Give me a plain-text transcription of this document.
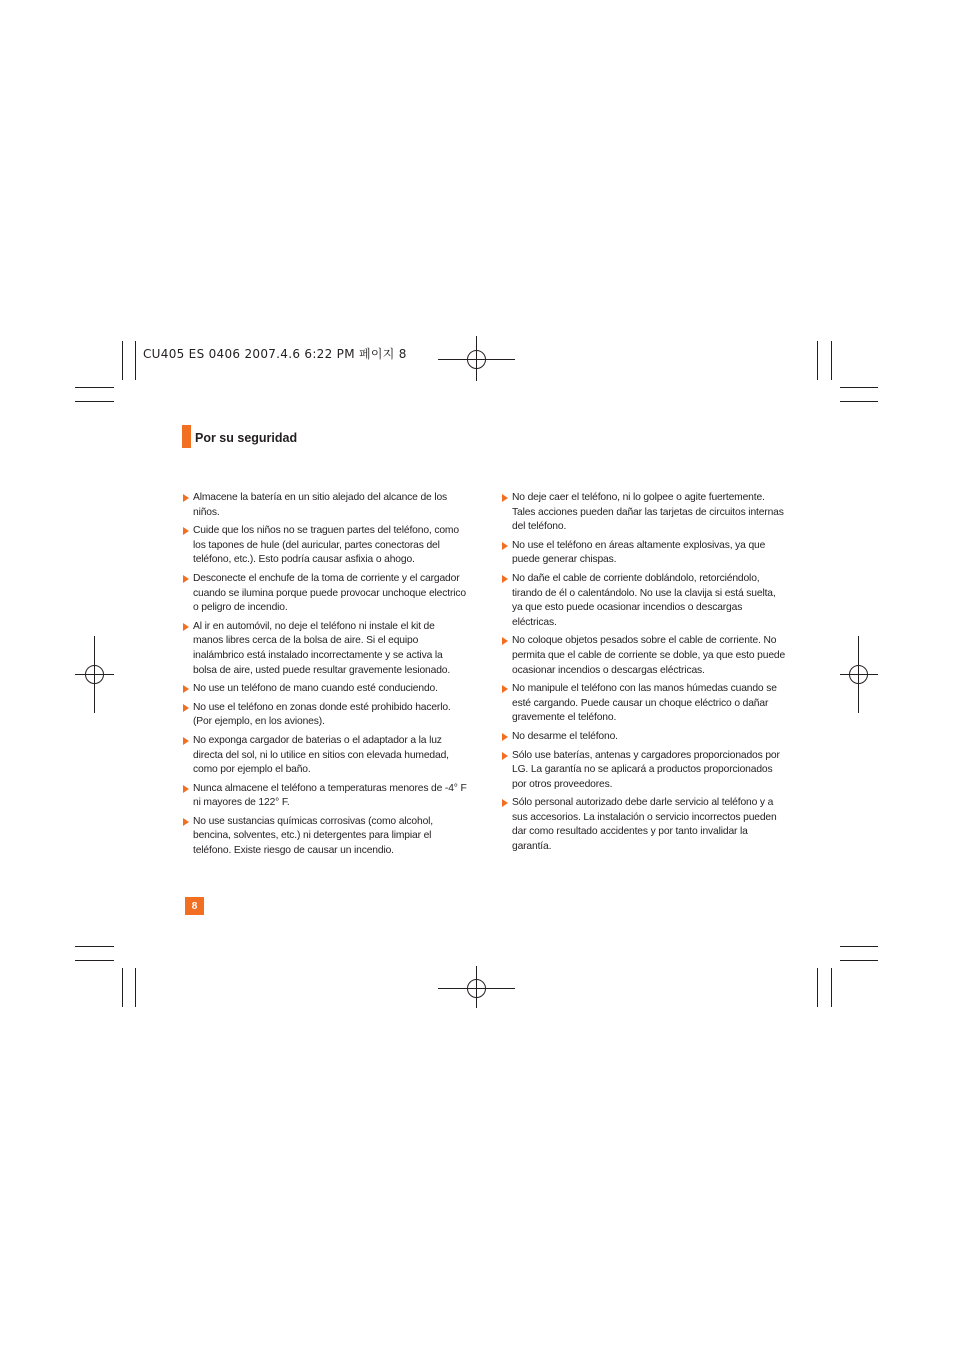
CU405 ES 0406 2007.4.6 6:22 PM 페이지 8
Por su seguridad
Almacene la batería en un sitio alejado del alcance de los niños.
Cuide que los niños no se traguen partes del teléfono, como los tapones de hule (del auricular, partes conectoras del teléfono, etc.). Esto podría causar asfixia o ahogo.
Desconecte el enchufe de la toma de corriente y el cargador cuando se ilumina porque puede provocar unchoque electrico o peligro de incendio.
Al ir en automóvil, no deje el teléfono ni instale el kit de manos libres cerca de la bolsa de aire. Si el equipo inalámbrico está instalado incorrectamente y se activa la bolsa de aire, usted puede resultar gravemente lesionado.
No use un teléfono de mano cuando esté conduciendo.
No use el teléfono en zonas donde esté prohibido hacerlo. (Por ejemplo, en los aviones).
No exponga cargador de baterias o el adaptador a la luz directa del sol, ni lo utilice en sitios con elevada humedad, como por ejemplo el baño.
Nunca almacene el teléfono a temperaturas menores de -4° F ni mayores de 122° F.
No use sustancias químicas corrosivas (como alcohol, bencina, solventes, etc.) ni detergentes para limpiar el teléfono. Existe riesgo de causar un incendio.
No deje caer el teléfono, ni lo golpee o agite fuertemente. Tales acciones pueden dañar las tarjetas de circuitos internas del teléfono.
No use el teléfono en áreas altamente explosivas, ya que puede generar chispas.
No dañe el cable de corriente doblándolo, retorciéndolo, tirando de él o calentándolo. No use la clavija si está suelta, ya que esto puede ocasionar incendios o descargas eléctricas.
No coloque objetos pesados sobre el cable de corriente. No permita que el cable de corriente se doble, ya que esto puede ocasionar incendios o descargas eléctricas.
No manipule el teléfono con las manos húmedas cuando se esté cargando. Puede causar un choque eléctrico o dañar gravemente el teléfono.
No desarme el teléfono.
Sólo use baterías, antenas y cargadores proporcionados por LG. La garantía no se aplicará a productos proporcionados por otros proveedores.
Sólo personal autorizado debe darle servicio al teléfono y a sus accesorios. La instalación o servicio incorrectos pueden dar como resultado accidentes y por tanto invalidar la garantía.
8
